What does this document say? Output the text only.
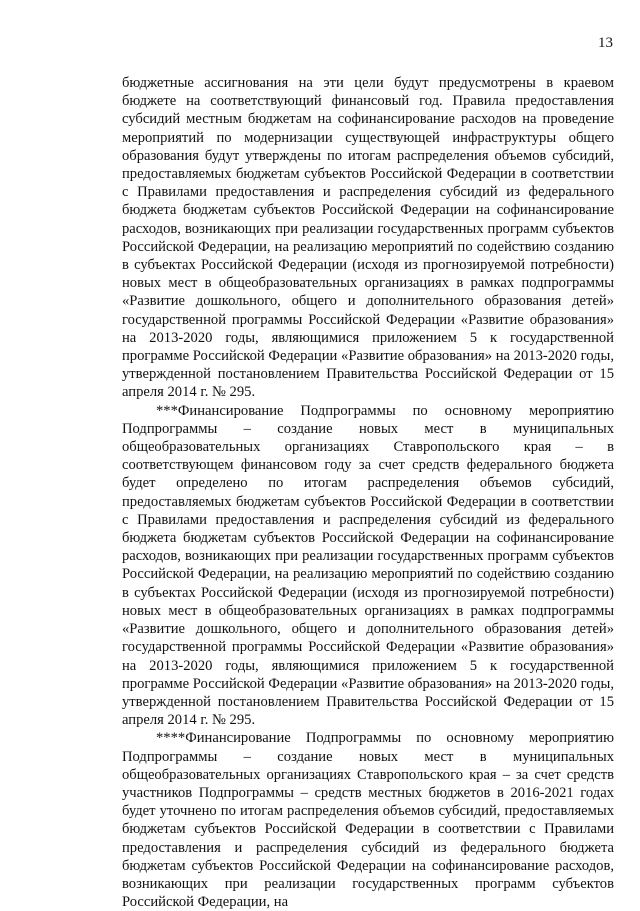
13

бюджетные ассигнования на эти цели будут предусмотрены в краевом бюджете на соответствующий финансовый год. Правила предоставления субсидий местным бюджетам на софинансирование расходов на проведение мероприятий по модернизации существующей инфраструктуры общего образования будут утверждены по итогам распределения объемов субсидий, предоставляемых бюджетам субъектов Российской Федерации в соответствии с Правилами предоставления и распределения субсидий из федерального бюджета бюджетам субъектов Российской Федерации на софинансирование расходов, возникающих при реализации государственных программ субъектов Российской Федерации, на реализацию мероприятий по содействию созданию в субъектах Российской Федерации (исходя из прогнозируемой потребности) новых мест в общеобразовательных организациях в рамках подпрограммы «Развитие дошкольного, общего и дополнительного образования детей» государственной программы Российской Федерации «Развитие образования» на 2013-2020 годы, являющимися приложением 5 к государственной программе Российской Федерации «Развитие образования» на 2013-2020 годы, утвержденной постановлением Правительства Российской Федерации от 15 апреля 2014 г. № 295.

***Финансирование Подпрограммы по основному мероприятию Подпрограммы – создание новых мест в муниципальных общеобразовательных организациях Ставропольского края – в соответствующем финансовом году за счет средств федерального бюджета будет определено по итогам распределения объемов субсидий, предоставляемых бюджетам субъектов Российской Федерации в соответствии с Правилами предоставления и распределения субсидий из федерального бюджета бюджетам субъектов Российской Федерации на софинансирование расходов, возникающих при реализации государственных программ субъектов Российской Федерации, на реализацию мероприятий по содействию созданию в субъектах Российской Федерации (исходя из прогнозируемой потребности) новых мест в общеобразовательных организациях в рамках подпрограммы «Развитие дошкольного, общего и дополнительного образования детей» государственной программы Российской Федерации «Развитие образования» на 2013-2020 годы, являющимися приложением 5 к государственной программе Российской Федерации «Развитие образования» на 2013-2020 годы, утвержденной постановлением Правительства Российской Федерации от 15 апреля 2014 г. № 295.

****Финансирование Подпрограммы по основному мероприятию Подпрограммы – создание новых мест в муниципальных общеобразовательных организациях Ставропольского края – за счет средств участников Подпрограммы – средств местных бюджетов в 2016-2021 годах будет уточнено по итогам распределения объемов субсидий, предоставляемых бюджетам субъектов Российской Федерации в соответствии с Правилами предоставления и распределения субсидий из федерального бюджета бюджетам субъектов Российской Федерации на софинансирование расходов, возникающих при реализации государственных программ субъектов Российской Федерации, на
